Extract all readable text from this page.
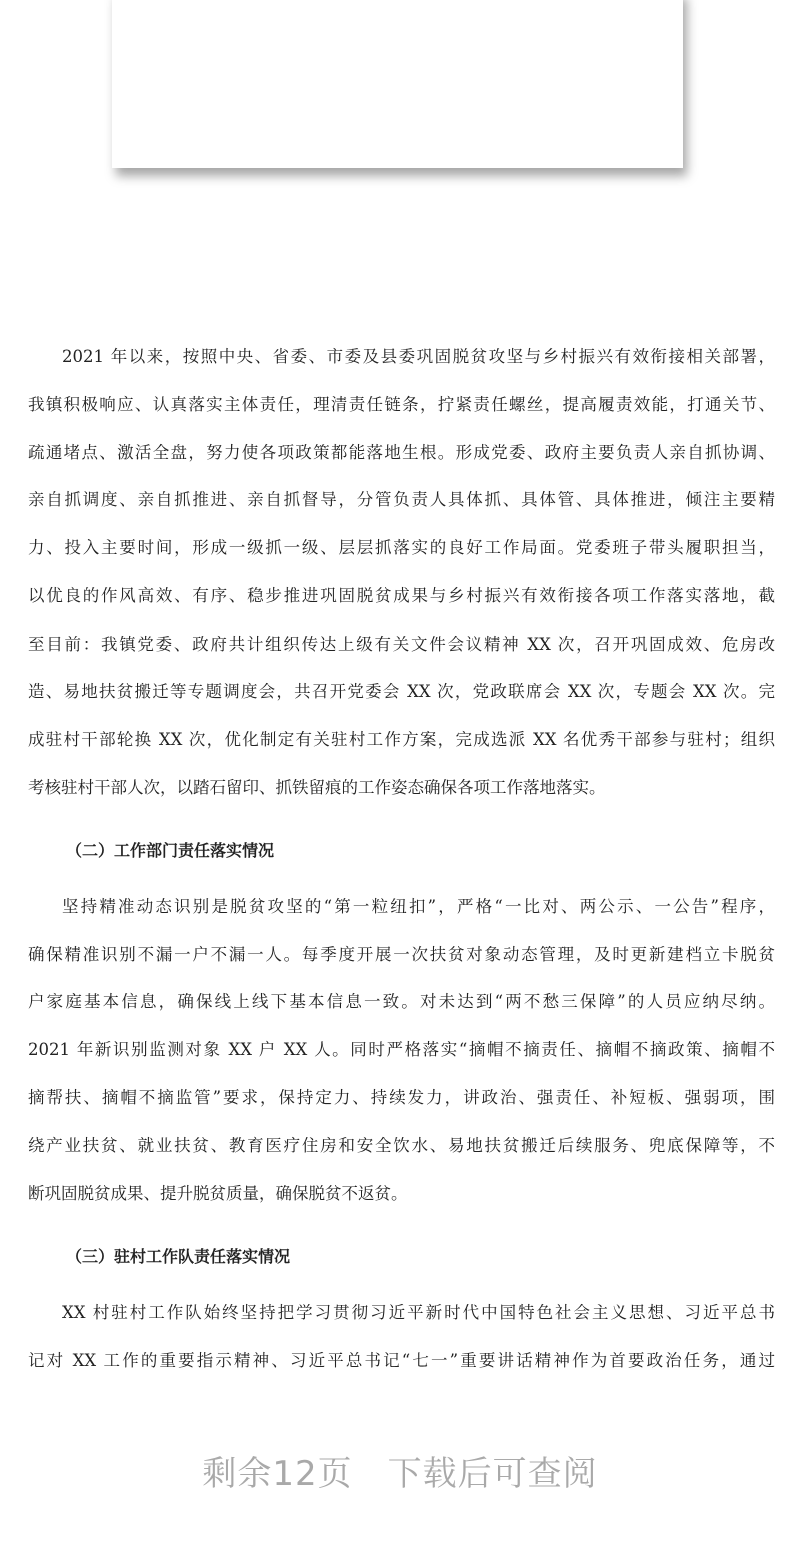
2021 年以来，按照中央、省委、市委及县委巩固脱贫攻坚与乡村振兴有效衔接相关部署，
我镇积极响应、认真落实主体责任，理清责任链条，拧紧责任螺丝，提高履责效能，打通关节、
疏通堵点、激活全盘，努力使各项政策都能落地生根。形成党委、政府主要负责人亲自抓协调、
亲自抓调度、亲自抓推进、亲自抓督导，分管负责人具体抓、具体管、具体推进，倾注主要精
力、投入主要时间，形成一级抓一级、层层抓落实的良好工作局面。党委班子带头履职担当，
以优良的作风高效、有序、稳步推进巩固脱贫成果与乡村振兴有效衔接各项工作落实落地，截
至目前：我镇党委、政府共计组织传达上级有关文件会议精神 XX 次，召开巩固成效、危房改
造、易地扶贫搬迁等专题调度会，共召开党委会 XX 次，党政联席会 XX 次，专题会 XX 次。完
成驻村干部轮换 XX 次，优化制定有关驻村工作方案，完成选派 XX 名优秀干部参与驻村；组织
考核驻村干部人次，以踏石留印、抓铁留痕的工作姿态确保各项工作落地落实。
（二）工作部门责任落实情况
坚持精准动态识别是脱贫攻坚的“第一粒纽扣”，严格“一比对、两公示、一公告”程序，
确保精准识别不漏一户不漏一人。每季度开展一次扶贫对象动态管理，及时更新建档立卡脱贫
户家庭基本信息，确保线上线下基本信息一致。对未达到“两不愁三保障”的人员应纳尽纳。
2021 年新识别监测对象 XX 户 XX 人。同时严格落实“摘帽不摘责任、摘帽不摘政策、摘帽不
摘帮扶、摘帽不摘监管”要求，保持定力、持续发力，讲政治、强责任、补短板、强弱项，围
绕产业扶贫、就业扶贫、教育医疗住房和安全饮水、易地扶贫搬迁后续服务、兜底保障等，不
断巩固脱贫成果、提升脱贫质量，确保脱贫不返贫。
（三）驻村工作队责任落实情况
XX 村驻村工作队始终坚持把学习贯彻习近平新时代中国特色社会主义思想、习近平总书
记对 XX 工作的重要指示精神、习近平总书记“七一”重要讲话精神作为首要政治任务，通过
剩余12页　下载后可查阅
